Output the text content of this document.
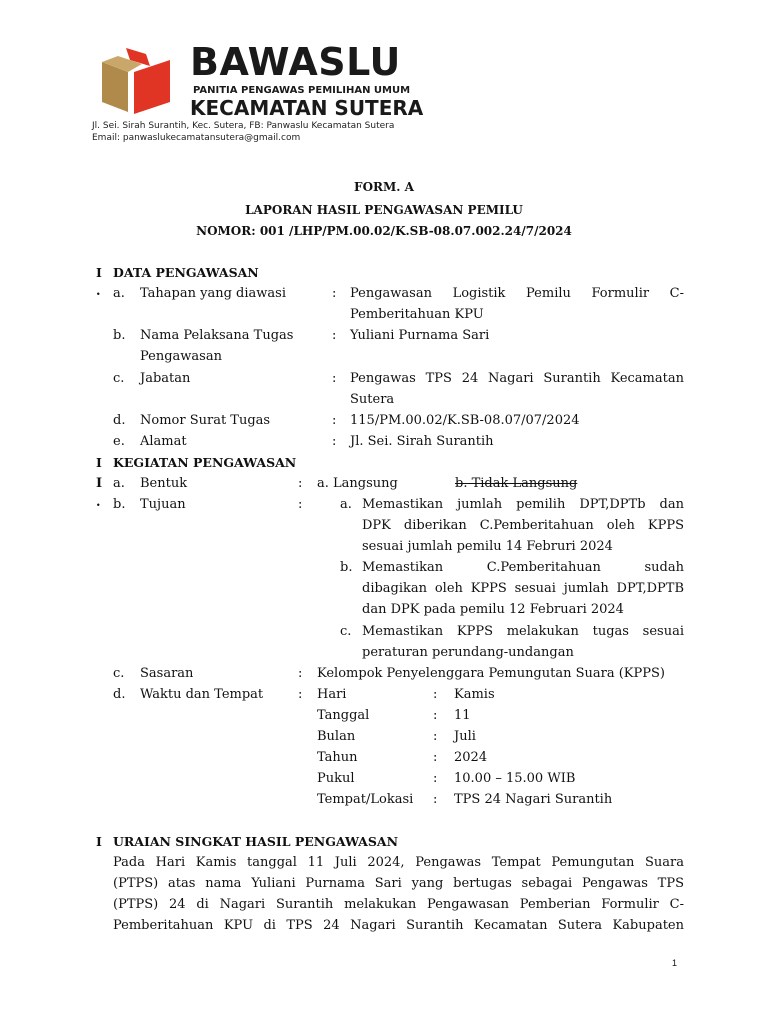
BAWASLU
PANITIA PENGAWAS PEMILIHAN UMUM
KECAMATAN SUTERA
Jl. Sei. Sirah Surantih, Kec. Sutera, FB: Panwaslu Kecamatan Sutera
Email: panwaslukecamatansutera@gmail.com
FORM. A
LAPORAN HASIL PENGAWASAN PEMILU
NOMOR: 001 /LHP/PM.00.02/K.SB-08.07.002.24/7/2024
I DATA PENGAWASAN
. a. Tahapan yang diawasi	: Pengawasan Logistik Pemilu Formulir C-
Pemberitahuan KPU
b. Nama Pelaksana Tugas
Pengawasan
: Yuliani Purnama Sari
c. Jabatan	: Pengawas TPS 24 Nagari Surantih Kecamatan
Sutera
d. Nomor Surat Tugas	: 115/PM.00.02/K.SB-08.07/07/2024
e. Alamat	: Jl. Sei. Sirah Surantih
I KEGIATAN PENGAWASAN
I a. Bentuk	: a. Langsung	b. Tidak Langsung
. b. Tujuan	:	a. Memastikan jumlah pemilih DPT,DPTb dan
DPK diberikan C.Pemberitahuan oleh KPPS
sesuai jumlah pemilu 14 Februri 2024
b. Memastikan C.Pemberitahuan sudah
dibagikan oleh KPPS sesuai jumlah DPT,DPTB
dan DPK pada pemilu 12 Februari 2024
c. Memastikan KPPS melakukan tugas sesuai
peraturan perundang-undangan
c. Sasaran	: Kelompok Penyelenggara Pemungutan Suara (KPPS)
d. Waktu dan Tempat	: Hari	: Kamis
Tanggal	: 11
Bulan	: Juli
Tahun	: 2024
Pukul	: 10.00 – 15.00 WIB
Tempat/Lokasi : TPS 24 Nagari Surantih
I URAIAN SINGKAT HASIL PENGAWASAN
Pada Hari Kamis tanggal 11 Juli 2024, Pengawas Tempat Pemungutan Suara
(PTPS) atas nama Yuliani Purnama Sari yang bertugas sebagai Pengawas TPS
(PTPS) 24 di Nagari Surantih melakukan Pengawasan Pemberian Formulir C-
Pemberitahuan KPU di TPS 24 Nagari Surantih Kecamatan Sutera Kabupaten
1
